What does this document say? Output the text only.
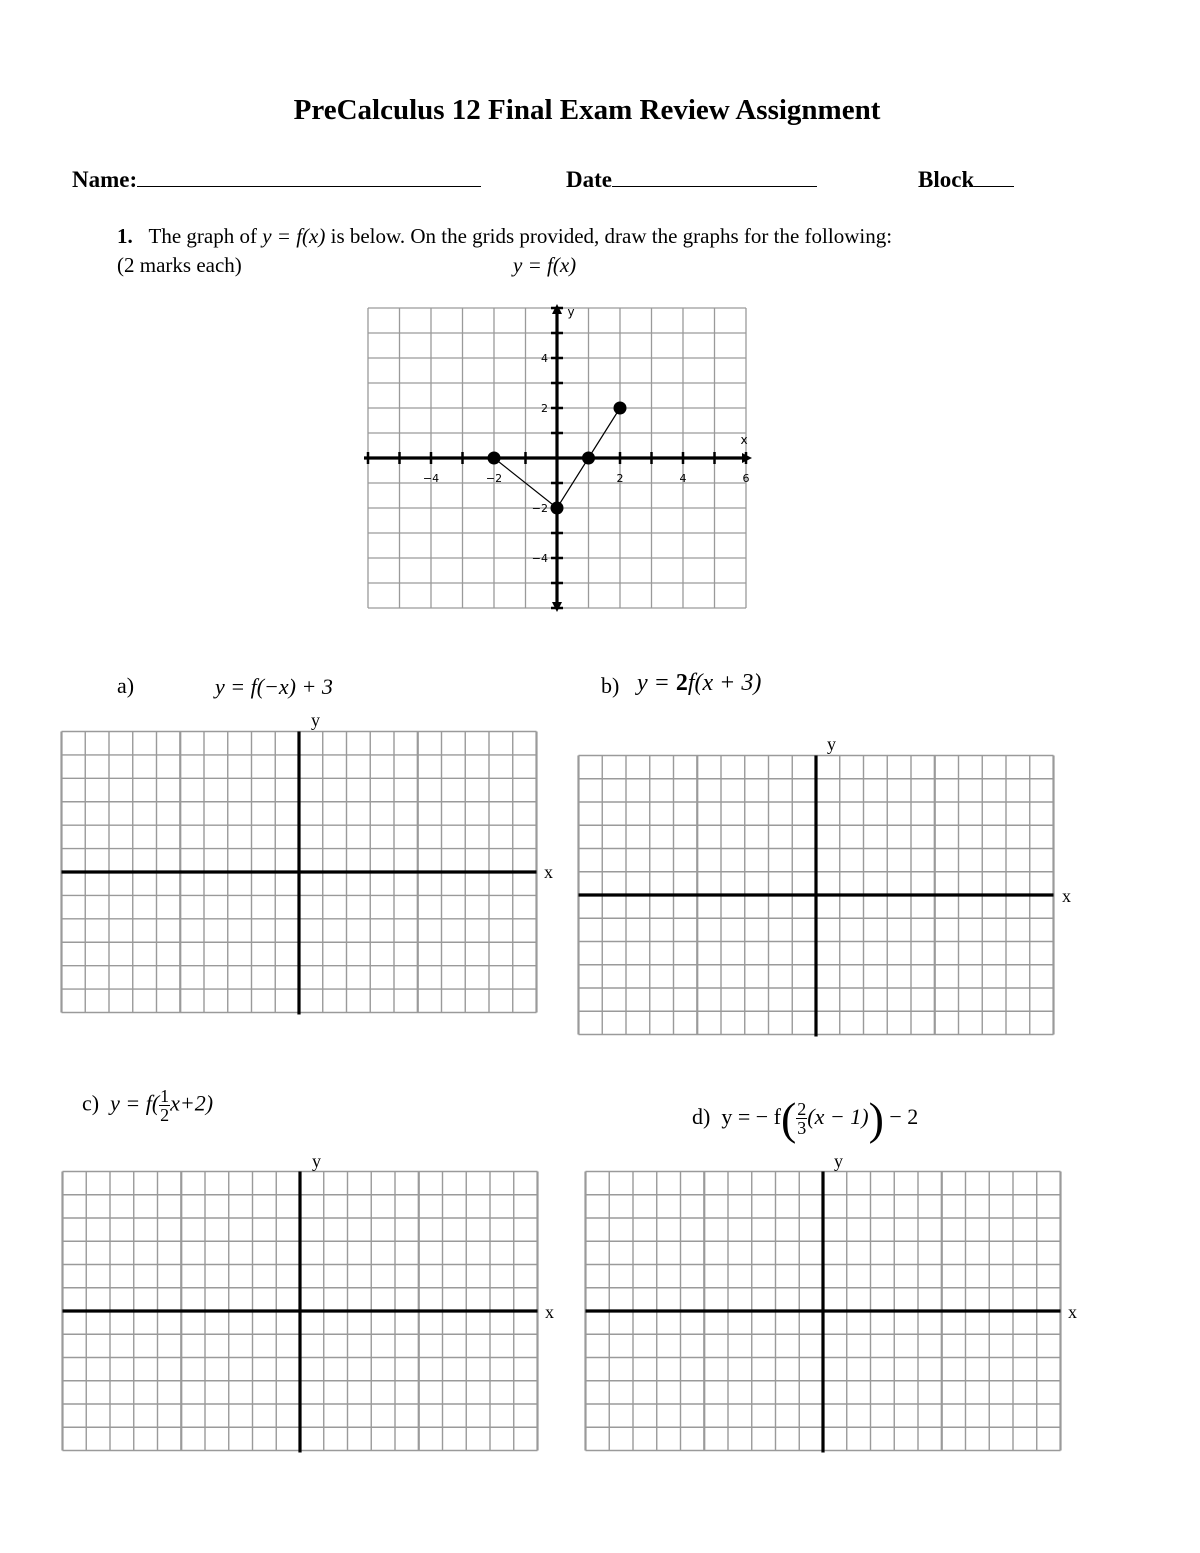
PreCalculus 12 Final Exam Review Assignment
Name:	Date	Block
1. The graph of y = f(x) is below. On the grids provided, draw the graphs for the following:
(2 marks each)	y = f(x)
−4	−2	2	4	6
4
2
−2
−4
x
y
a)	y = f(−x) + 3	b) y = 2f(x + 3)
c) $y = f( \frac{1}{2} x+2)$
d) y = − $f( \frac{2}{3} (x - 1)) - 2$
y
x
y
x
y
x
y
x
